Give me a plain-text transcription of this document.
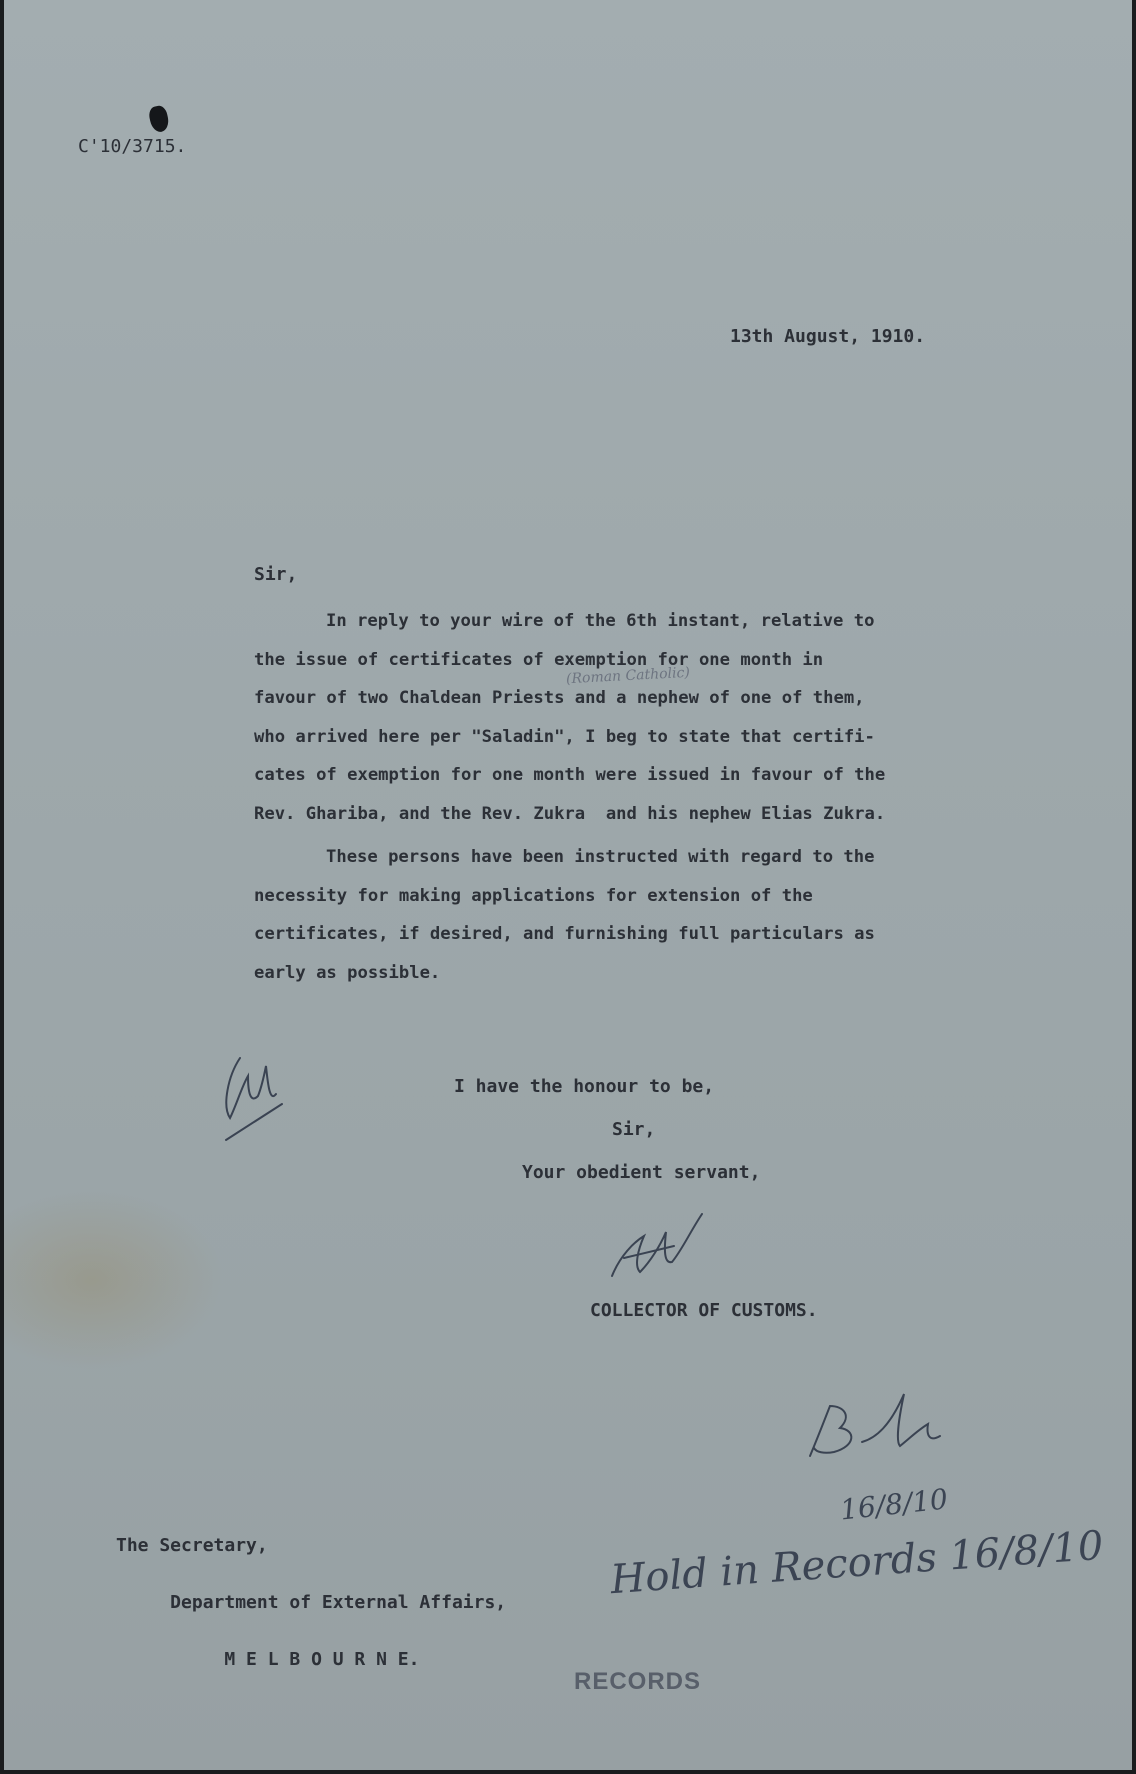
C'10/3715.

13th August, 1910.

Sir,

In reply to your wire of the 6th instant, relative to
the issue of certificates of exemption for one month in
favour of two Chaldean Priests and a nephew of one of them,
who arrived here per "Saladin", I beg to state that certifi-
cates of exemption for one month were issued in favour of the
Rev. Ghariba, and the Rev. Zukra  and his nephew Elias Zukra.
(Roman Catholic)
These persons have been instructed with regard to the
necessity for making applications for extension of the
certificates, if desired, and furnishing full particulars as
early as possible.

I have the honour to be,

Sir,

Your obedient servant,

COLLECTOR OF CUSTOMS.

16/8/10

The Secretary,

Department of External Affairs,

M E L B O U R N E.

Hold in Records 16/8/10
RECORDS
